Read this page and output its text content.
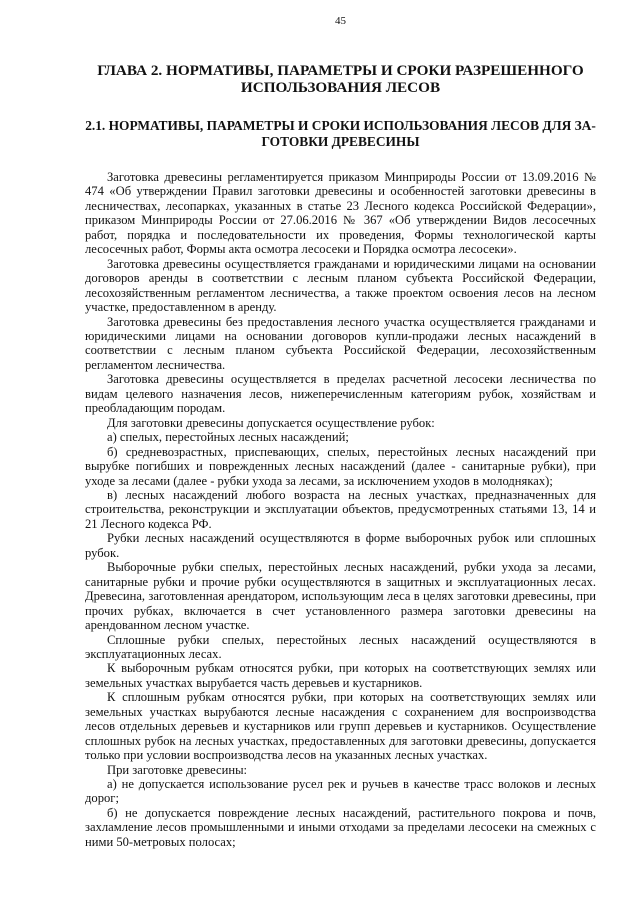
45
ГЛАВА 2. НОРМАТИВЫ, ПАРАМЕТРЫ И СРОКИ РАЗРЕШЕННОГО
ИСПОЛЬЗОВАНИЯ ЛЕСОВ
2.1. НОРМАТИВЫ, ПАРАМЕТРЫ И СРОКИ ИСПОЛЬЗОВАНИЯ ЛЕСОВ ДЛЯ ЗА-
ГОТОВКИ ДРЕВЕСИНЫ

Заготовка древесины регламентируется приказом Минприроды России от 13.09.2016 № 474 «Об утверждении Правил заготовки древесины и особенностей заготовки древесины в лесничествах, лесопарках, указанных в статье 23 Лесного кодекса Российской Федерации», приказом Минприроды России от 27.06.2016 № 367 «Об утверждении Видов лесосечных работ, порядка и последовательности их проведения, Формы технологической карты лесосечных работ, Формы акта осмотра лесосеки и Порядка осмотра лесосеки».

Заготовка древесины осуществляется гражданами и юридическими лицами на основании договоров аренды в соответствии с лесным планом субъекта Российской Федерации, лесохозяйственным регламентом лесничества, а также проектом освоения лесов на лесном участке, предоставленном в аренду.

Заготовка древесины без предоставления лесного участка осуществляется гражданами и юридическими лицами на основании договоров купли-продажи лесных насаждений в соответствии с лесным планом субъекта Российской Федерации, лесохозяйственным регламентом лесничества.

Заготовка древесины осуществляется в пределах расчетной лесосеки лесничества по видам целевого назначения лесов, нижеперечисленным категориям рубок, хозяйствам и преобладающим породам.

Для заготовки древесины допускается осуществление рубок:

а) спелых, перестойных лесных насаждений;

б) средневозрастных, приспевающих, спелых, перестойных лесных насаждений при вырубке погибших и поврежденных лесных насаждений (далее - санитарные рубки), при уходе за лесами (далее - рубки ухода за лесами, за исключением уходов в молодняках);

в) лесных насаждений любого возраста на лесных участках, предназначенных для строительства, реконструкции и эксплуатации объектов, предусмотренных статьями 13, 14 и 21 Лесного кодекса РФ.

Рубки лесных насаждений осуществляются в форме выборочных рубок или сплошных рубок.

Выборочные рубки спелых, перестойных лесных насаждений, рубки ухода за лесами, санитарные рубки и прочие рубки осуществляются в защитных и эксплуатационных лесах. Древесина, заготовленная арендатором, использующим леса в целях заготовки древесины, при прочих рубках, включается в счет установленного размера заготовки древесины на арендованном лесном участке.

Сплошные рубки спелых, перестойных лесных насаждений осуществляются в эксплуатационных лесах.

К выборочным рубкам относятся рубки, при которых на соответствующих землях или земельных участках вырубается часть деревьев и кустарников.

К сплошным рубкам относятся рубки, при которых на соответствующих землях или земельных участках вырубаются лесные насаждения с сохранением для воспроизводства лесов отдельных деревьев и кустарников или групп деревьев и кустарников. Осуществление сплошных рубок на лесных участках, предоставленных для заготовки древесины, допускается только при условии воспроизводства лесов на указанных лесных участках.

При заготовке древесины:

а) не допускается использование русел рек и ручьев в качестве трасс волоков и лесных дорог;

б) не допускается повреждение лесных насаждений, растительного покрова и почв, захламление лесов промышленными и иными отходами за пределами лесосеки на смежных с ними 50-метровых полосах;
